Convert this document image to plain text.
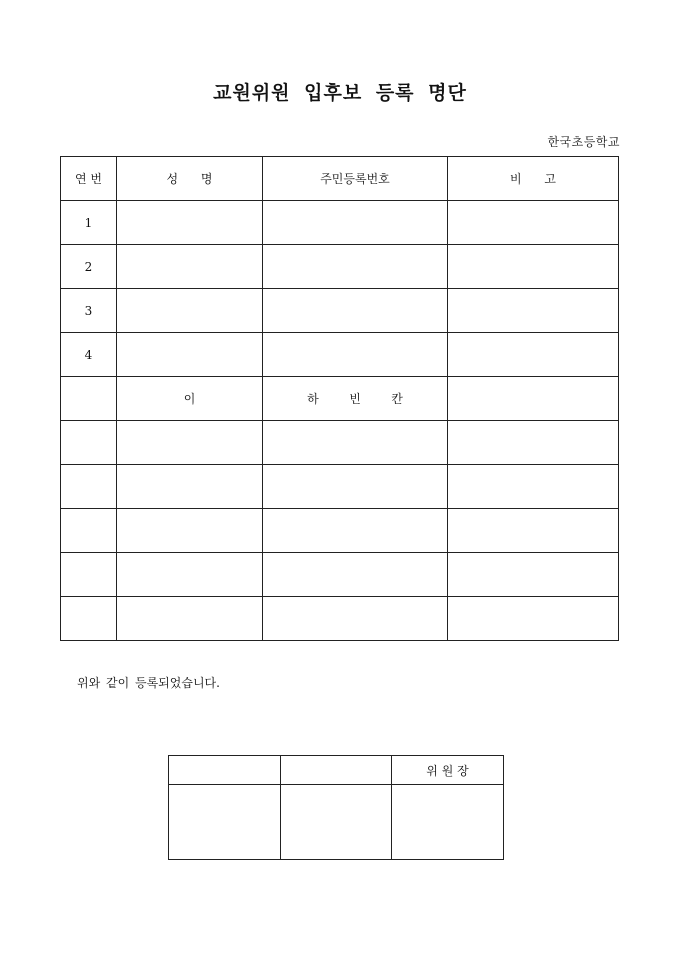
교원위원 입후보 등록 명단
한국초등학교
연 번	성      명	주민등록번호	비      고
1			
2			
3			
4			
	이	하        빈        칸	

위와 같이 등록되었습니다.
		위 원 장
